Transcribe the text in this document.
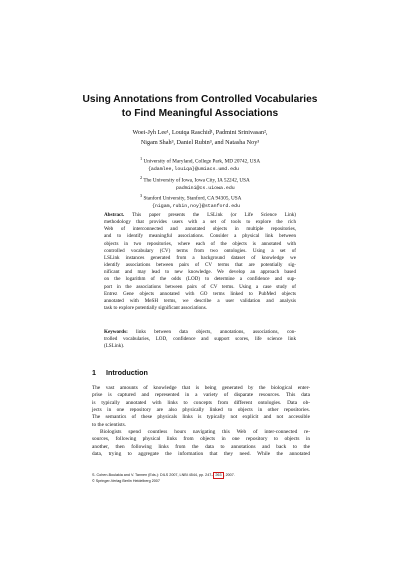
Using Annotations from Controlled Vocabularies
to Find Meaningful Associations
Woei-Jyh Lee¹, Louiqa Raschid¹, Padmini Srinivasan²,
Nigam Shah³, Daniel Rubin³, and Natasha Noy³
$^1$ University of Maryland, College Park, MD 20742, USA
{adamlee,louiqa}@umiacs.umd.edu
$^2$ The University of Iowa, Iowa City, IA 52242, USA
padmini@cs.uiowa.edu
$^3$ Stanford University, Stanford, CA 94305, USA
{nigam,rubin,noy}@stanford.edu
Abstract. This paper presents the LSLink (or Life Science Link)
methodology that provides users with a set of tools to explore the rich
Web of interconnected and annotated objects in multiple repositories,
and to identify meaningful associations. Consider a physical link between
objects in two repositories, where each of the objects is annotated with
controlled vocabulary (CV) terms from two ontologies. Using a set of
LSLink instances generated from a background dataset of knowledge we
identify associations between pairs of CV terms that are potentially sig-
nificant and may lead to new knowledge. We develop an approach based
on the logarithm of the odds (LOD) to determine a confidence and sup-
port in the associations between pairs of CV terms. Using a case study of
Entrez Gene objects annotated with GO terms linked to PubMed objects
annotated with MeSH terms, we describe a user validation and analysis
task to explore potentially significant associations.
Keywords: links between data objects, annotations, associations, con-
trolled vocabularies, LOD, confidence and support scores, life science link
(LSLink).
1 Introduction
The vast amounts of knowledge that is being generated by the biological enter-
prise is captured and represented in a variety of disparate resources. This data
is typically annotated with links to concepts from different ontologies. Data ob-
jects in one repository are also physically linked to objects in other repositories.
The semantics of these physicals links is typically not explicit and not accessible
to the scientists.
Biologists spend countless hours navigating this Web of inter-connected re-
sources, following physical links from objects in one repository to objects in
another, then following links from the data to annotations and back to the
data, trying to aggregate the information that they need. While the annotated
S. Cohen-Boulakia and V. Tannen (Eds.): DILS 2007, LNBI 4544, pp. 247– 263 , 2007.
© Springer-Verlag Berlin Heidelberg 2007
